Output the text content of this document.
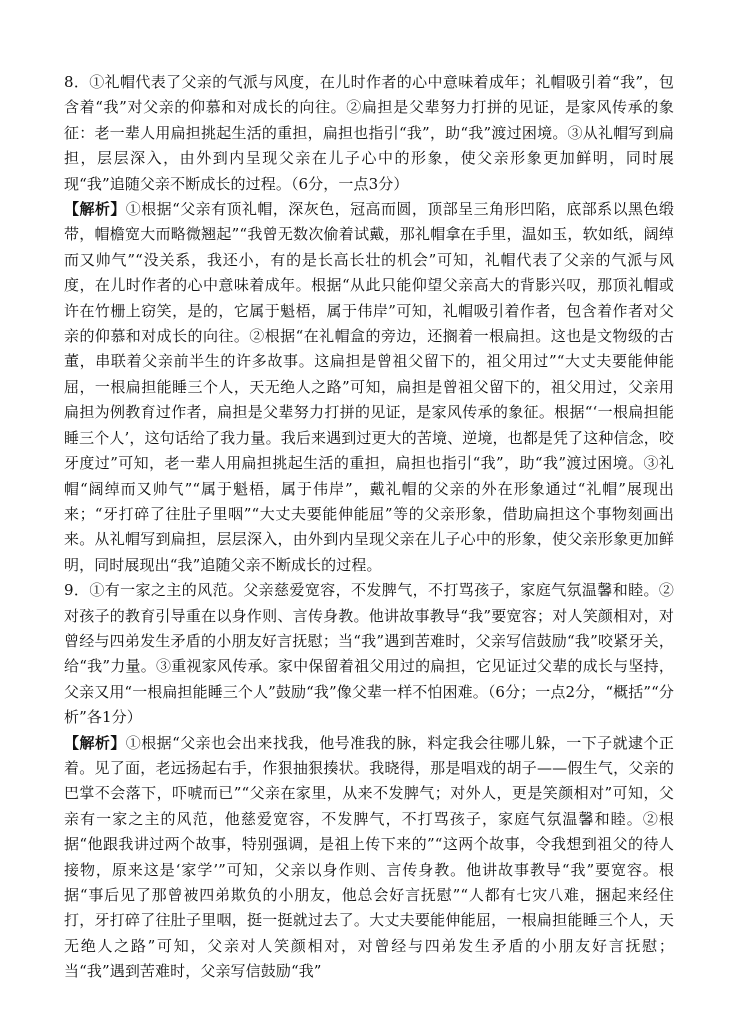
8．①礼帽代表了父亲的气派与风度，在儿时作者的心中意味着成年；礼帽吸引着“我”，包含着“我”对父亲的仰慕和对成长的向往。②扁担是父辈努力打拼的见证，是家风传承的象征：老一辈人用扁担挑起生活的重担，扁担也指引“我”，助“我”渡过困境。③从礼帽写到扁担，层层深入，由外到内呈现父亲在儿子心中的形象，使父亲形象更加鲜明，同时展现“我”追随父亲不断成长的过程。（6分，一点3分）

【解析】①根据“父亲有顶礼帽，深灰色，冠高而圆，顶部呈三角形凹陷，底部系以黑色缎带，帽檐宽大而略微翘起”“我曾无数次偷着试戴，那礼帽拿在手里，温如玉，软如纸，阔绰而又帅气”“没关系，我还小，有的是长高长壮的机会”可知，礼帽代表了父亲的气派与风度，在儿时作者的心中意味着成年。根据“从此只能仰望父亲高大的背影兴叹，那顶礼帽或许在竹栅上窃笑，是的，它属于魁梧，属于伟岸”可知，礼帽吸引着作者，包含着作者对父亲的仰慕和对成长的向往。②根据“在礼帽盒的旁边，还搁着一根扁担。这也是文物级的古董，串联着父亲前半生的许多故事。这扁担是曾祖父留下的，祖父用过”“大丈夫要能伸能屈，一根扁担能睡三个人，天无绝人之路”可知，扁担是曾祖父留下的，祖父用过，父亲用扁担为例教育过作者，扁担是父辈努力打拼的见证，是家风传承的象征。根据“‘一根扁担能睡三个人’，这句话给了我力量。我后来遇到过更大的苦境、逆境，也都是凭了这种信念，咬牙度过”可知，老一辈人用扁担挑起生活的重担，扁担也指引“我”，助“我”渡过困境。③礼帽“阔绰而又帅气”“属于魁梧，属于伟岸”，戴礼帽的父亲的外在形象通过“礼帽”展现出来；“牙打碎了往肚子里咽”“大丈夫要能伸能屈”等的父亲形象，借助扁担这个事物刻画出来。从礼帽写到扁担，层层深入，由外到内呈现父亲在儿子心中的形象，使父亲形象更加鲜明，同时展现出“我”追随父亲不断成长的过程。

9．①有一家之主的风范。父亲慈爱宽容，不发脾气，不打骂孩子，家庭气氛温馨和睦。②对孩子的教育引导重在以身作则、言传身教。他讲故事教导“我”要宽容；对人笑颜相对，对曾经与四弟发生矛盾的小朋友好言抚慰；当“我”遇到苦难时，父亲写信鼓励“我”咬紧牙关，给“我”力量。③重视家风传承。家中保留着祖父用过的扁担，它见证过父辈的成长与坚持，父亲又用“一根扁担能睡三个人”鼓励“我”像父辈一样不怕困难。（6分；一点2分，“概括”“分析”各1分）

【解析】①根据“父亲也会出来找我，他号准我的脉，料定我会往哪儿躲，一下子就逮个正着。见了面，老远扬起右手，作狠抽狠揍状。我晓得，那是唱戏的胡子——假生气，父亲的巴掌不会落下，吓唬而已”“父亲在家里，从来不发脾气；对外人，更是笑颜相对”可知，父亲有一家之主的风范，他慈爱宽容，不发脾气，不打骂孩子，家庭气氛温馨和睦。②根据“他跟我讲过两个故事，特别强调，是祖上传下来的”“这两个故事，令我想到祖父的待人接物，原来这是‘家学’”可知，父亲以身作则、言传身教。他讲故事教导“我”要宽容。根据“事后见了那曾被四弟欺负的小朋友，他总会好言抚慰”“人都有七灾八难，捆起来经住打，牙打碎了往肚子里咽，挺一挺就过去了。大丈夫要能伸能屈，一根扁担能睡三个人，天无绝人之路”可知，父亲对人笑颜相对，对曾经与四弟发生矛盾的小朋友好言抚慰；当“我”遇到苦难时，父亲写信鼓励“我”
